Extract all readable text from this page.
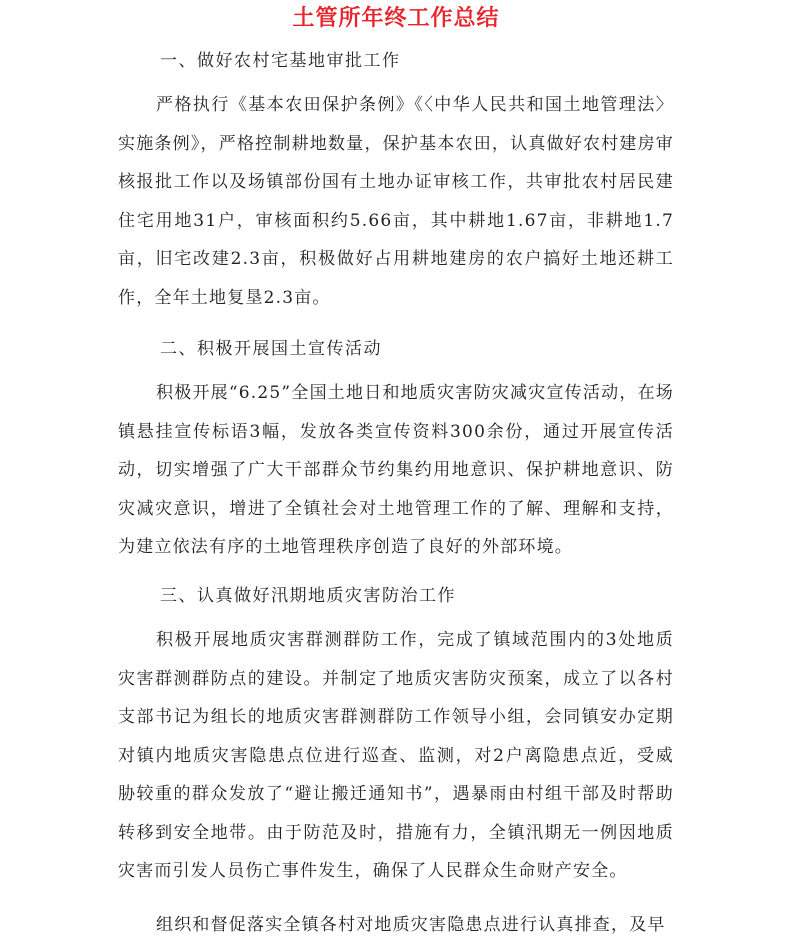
土管所年终工作总结
一、做好农村宅基地审批工作
严格执行《基本农田保护条例》《〈中华人民共和国土地管理法〉实施条例》，严格控制耕地数量，保护基本农田，认真做好农村建房审核报批工作以及场镇部份国有土地办证审核工作，共审批农村居民建住宅用地31户，审核面积约5.66亩，其中耕地1.67亩，非耕地1.7亩，旧宅改建2.3亩，积极做好占用耕地建房的农户搞好土地还耕工作，全年土地复垦2.3亩。
二、积极开展国土宣传活动
积极开展“6.25”全国土地日和地质灾害防灾减灾宣传活动，在场镇悬挂宣传标语3幅，发放各类宣传资料300余份，通过开展宣传活动，切实增强了广大干部群众节约集约用地意识、保护耕地意识、防灾减灾意识，增进了全镇社会对土地管理工作的了解、理解和支持，为建立依法有序的土地管理秩序创造了良好的外部环境。
三、认真做好汛期地质灾害防治工作
积极开展地质灾害群测群防工作，完成了镇域范围内的3处地质灾害群测群防点的建设。并制定了地质灾害防灾预案，成立了以各村支部书记为组长的地质灾害群测群防工作领导小组，会同镇安办定期对镇内地质灾害隐患点位进行巡查、监测，对2户离隐患点近，受威胁较重的群众发放了“避让搬迁通知书”，遇暴雨由村组干部及时帮助转移到安全地带。由于防范及时，措施有力，全镇汛期无一例因地质灾害而引发人员伤亡事件发生，确保了人民群众生命财产安全。
组织和督促落实全镇各村对地质灾害隐患点进行认真排查，及早
